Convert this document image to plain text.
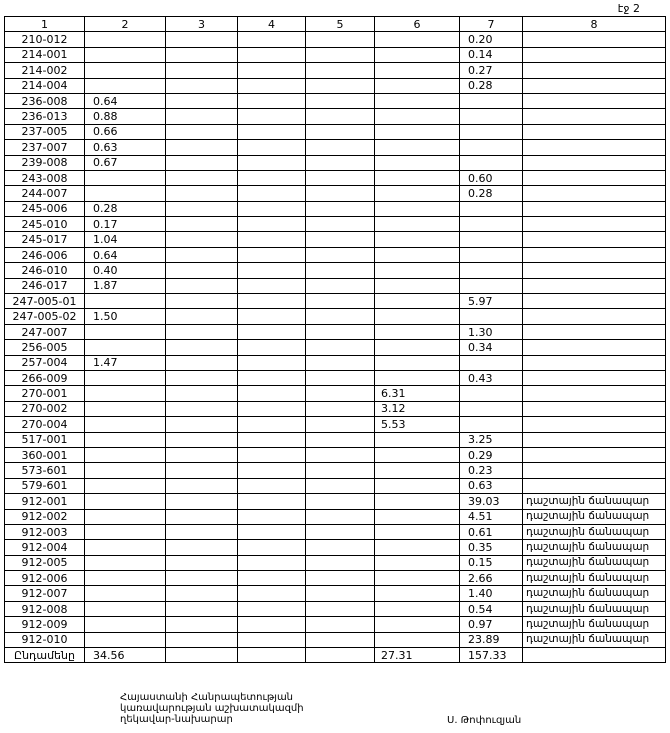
էջ 2
1	2	3	4	5	6	7	8
210-012						0.20	
214-001						0.14	
214-002						0.27	
214-004						0.28	
236-008	0.64						
236-013	0.88						
237-005	0.66						
237-007	0.63						
239-008	0.67						
243-008						0.60	
244-007						0.28	
245-006	0.28						
245-010	0.17						
245-017	1.04						
246-006	0.64						
246-010	0.40						
246-017	1.87						
247-005-01						5.97	
247-005-02	1.50						
247-007						1.30	
256-005						0.34	
257-004	1.47						
266-009						0.43	
270-001					6.31		
270-002					3.12		
270-004					5.53		
517-001						3.25	
360-001						0.29	
573-601						0.23	
579-601						0.63	
912-001						39.03	դաշտային ճանապար
912-002						4.51	դաշտային ճանապար
912-003						0.61	դաշտային ճանապար
912-004						0.35	դաշտային ճանապար
912-005						0.15	դաշտային ճանապար
912-006						2.66	դաշտային ճանապար
912-007						1.40	դաշտային ճանապար
912-008						0.54	դաշտային ճանապար
912-009						0.97	դաշտային ճանապար
912-010						23.89	դաշտային ճանապար
Ընդամենը	34.56				27.31	157.33	
Հայաստանի Հանրապետության
կառավարության աշխատակազմի
ղեկավար-նախարար	Ս. Թոփուզյան
